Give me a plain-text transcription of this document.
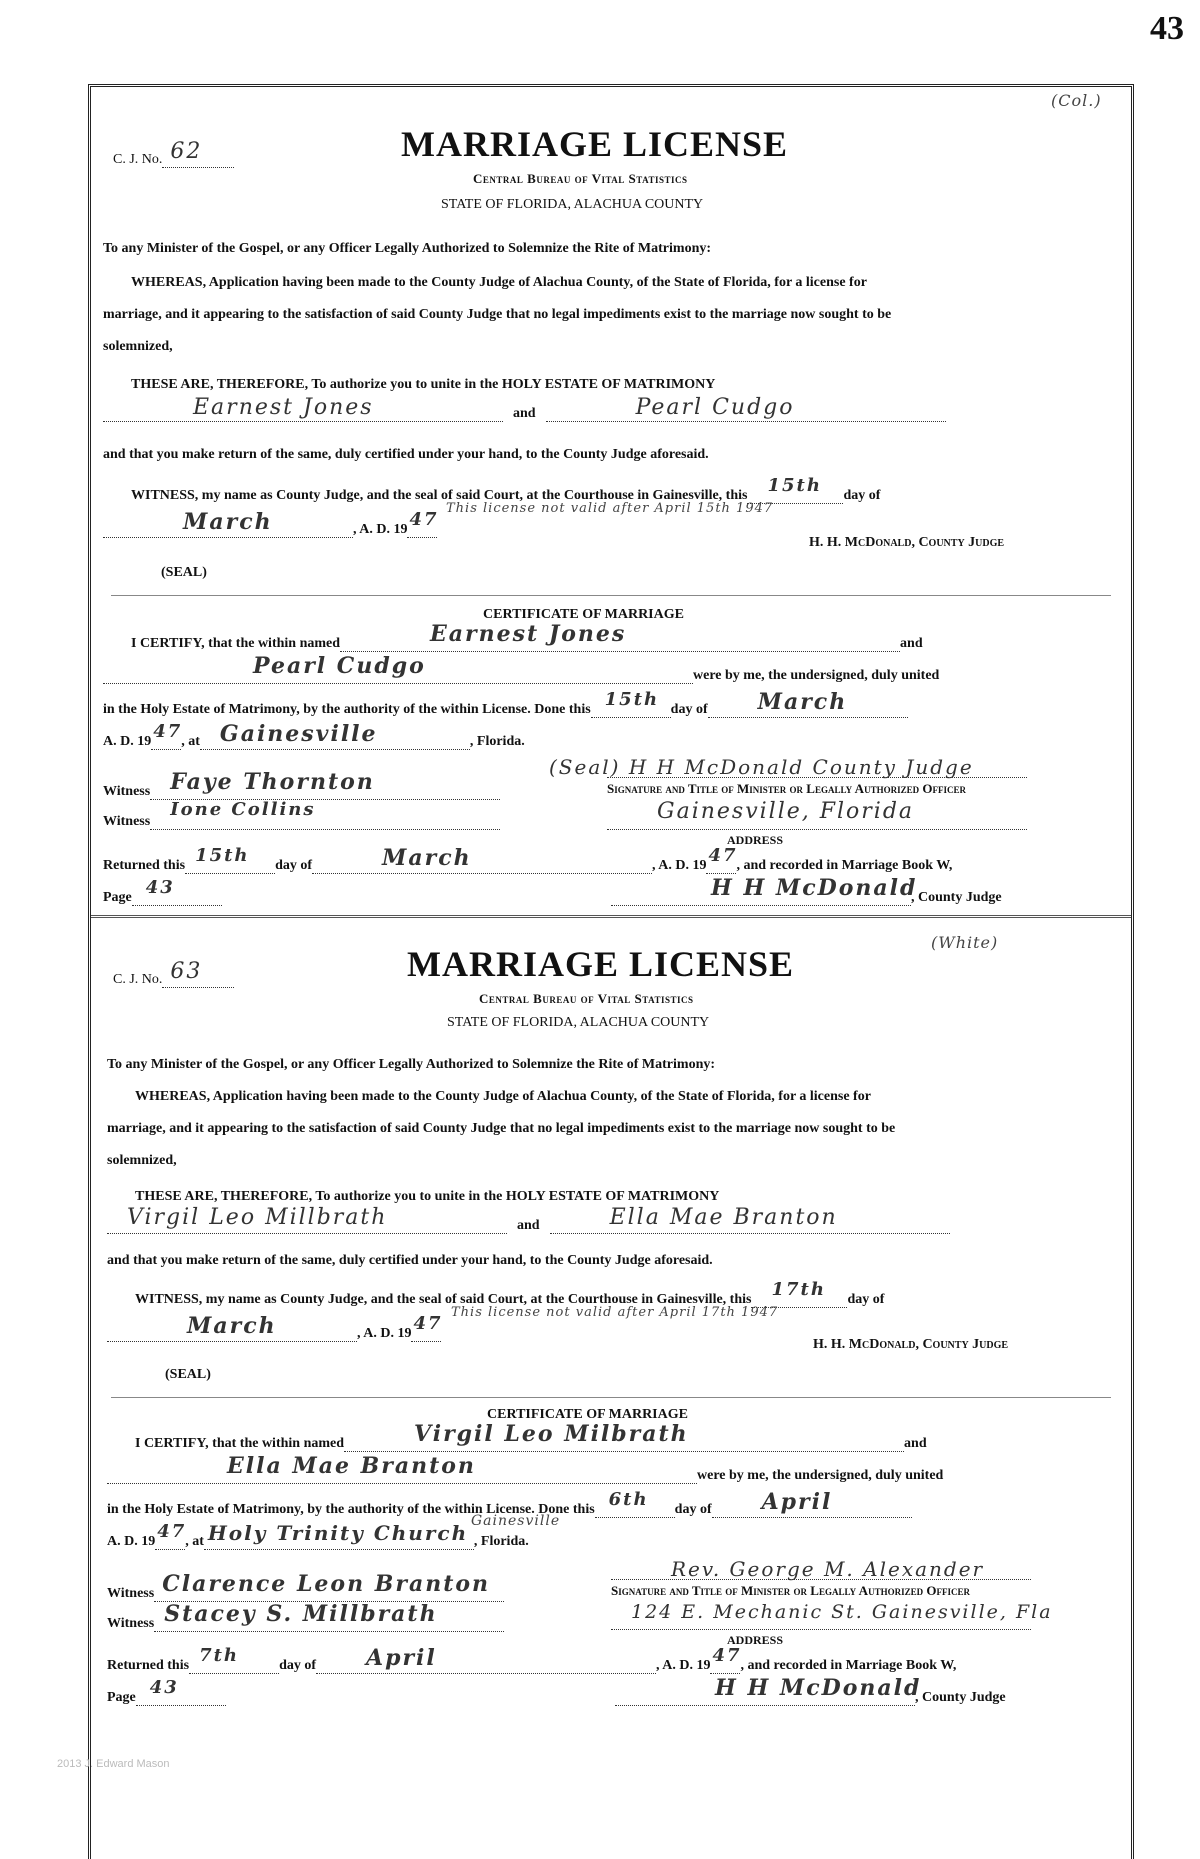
43
(Col.)
C. J. No. 62	MARRIAGE LICENSE
Central Bureau of Vital Statistics
STATE OF FLORIDA, ALACHUA COUNTY
To any Minister of the Gospel, or any Officer Legally Authorized to Solemnize the Rite of Matrimony:
WHEREAS, Application having been made to the County Judge of Alachua County, of the State of Florida, for a license for
marriage, and it appearing to the satisfaction of said County Judge that no legal impediments exist to the marriage now sought to be
solemnized,
THESE ARE, THEREFORE, To authorize you to unite in the HOLY ESTATE OF MATRIMONY
Earnest Jones	and	Pearl Cudgo
and that you make return of the same, duly certified under your hand, to the County Judge aforesaid.
WITNESS, my name as County Judge, and the seal of said Court, at the Courthouse in Gainesville, this 15th day of
This license not valid after April 15th 1947
March	, A. D. 19 47
H. H. McDonald, County Judge
(SEAL)
CERTIFICATE OF MARRIAGE
I CERTIFY, that the within named	Earnest Jones	and
Pearl Cudgo	were by me, the undersigned, duly united
in the Holy Estate of Matrimony, by the authority of the within License. Done this 15th day of March
A. D. 19 47
, at Gainesville	, Florida.
(Seal) H H McDonald County Judge
Witness Faye Thornton	Signature and Title of Minister or Legally Authorized Officer
Witness
Ione Collins	Gainesville, Florida
ADDRESS
Returned this 15th day of	March	, A. D. 19 47
, and recorded in Marriage Book W,
Page 43	H H McDonald
, County Judge
(White)
C. J. No. 63	MARRIAGE LICENSE
Central Bureau of Vital Statistics
STATE OF FLORIDA, ALACHUA COUNTY
To any Minister of the Gospel, or any Officer Legally Authorized to Solemnize the Rite of Matrimony:
WHEREAS, Application having been made to the County Judge of Alachua County, of the State of Florida, for a license for
marriage, and it appearing to the satisfaction of said County Judge that no legal impediments exist to the marriage now sought to be
solemnized,
THESE ARE, THEREFORE, To authorize you to unite in the HOLY ESTATE OF MATRIMONY
Virgil Leo Millbrath	and	Ella Mae Branton
and that you make return of the same, duly certified under your hand, to the County Judge aforesaid.
WITNESS, my name as County Judge, and the seal of said Court, at the Courthouse in Gainesville, this 17th day of
This license not valid after April 17th 1947
March	, A. D. 19 47
H. H. McDonald, County Judge
(SEAL)
CERTIFICATE OF MARRIAGE
I CERTIFY, that the within named	Virgil Leo Milbrath	and
Ella Mae Branton	were by me, the undersigned, duly united
in the Holy Estate of Matrimony, by the authority of the within License. Done this 6th day of April
Gainesville
A. D. 19 47
, at Holy Trinity Church , Florida.
Rev. George M. Alexander
Witness Clarence Leon Branton	Signature and Title of Minister or Legally Authorized Officer
Witness Stacey S. Millbrath	124 E. Mechanic St. Gainesville, Fla
ADDRESS
Returned this 7th	day of April	, A. D. 19 47
, and recorded in Marriage Book W,
Page 43	H H McDonald
, County Judge
2013 J. Edward Mason
